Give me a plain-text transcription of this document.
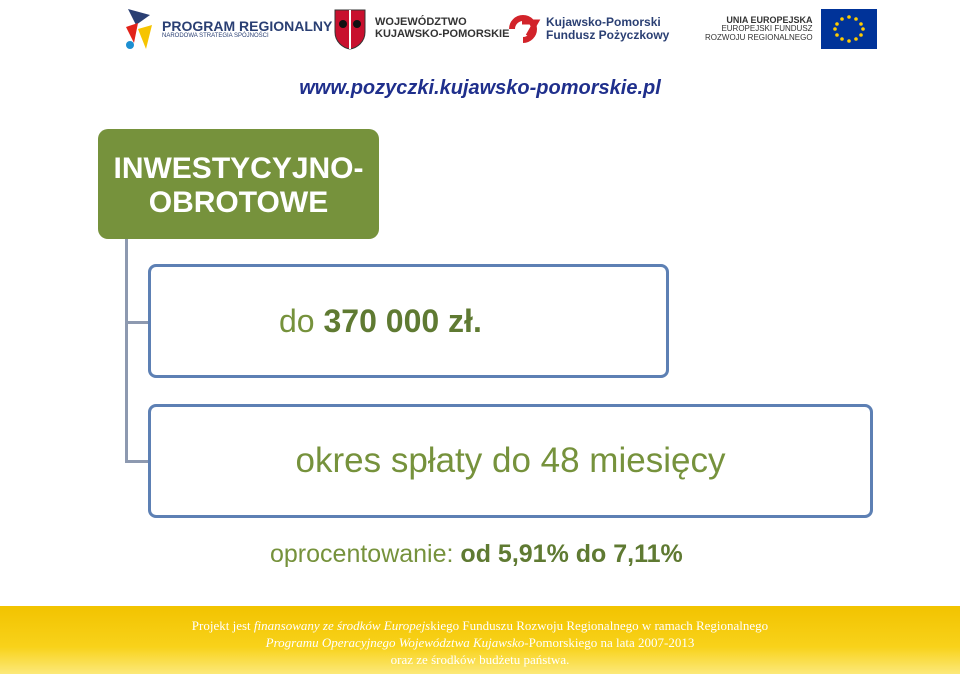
PROGRAM REGIONALNY
NARODOWA STRATEGIA SPÓJNOŚCI
WOJEWÓDZTWO
KUJAWSKO-POMORSKIE
Kujawsko-Pomorski
Fundusz Pożyczkowy
UNIA EUROPEJSKA
EUROPEJSKI FUNDUSZ
ROZWOJU REGIONALNEGO
www.pozyczki.kujawsko-pomorskie.pl
INWESTYCYJNO-
OBROTOWE
do 370 000 zł.
okres spłaty do 48 miesięcy
oprocentowanie: od 5,91% do 7,11%
Projekt jest finansowany ze środków Europejskiego Funduszu Rozwoju Regionalnego w ramach Regionalnego
Programu Operacyjnego Województwa Kujawsko-Pomorskiego na lata 2007-2013
oraz ze środków budżetu państwa.
